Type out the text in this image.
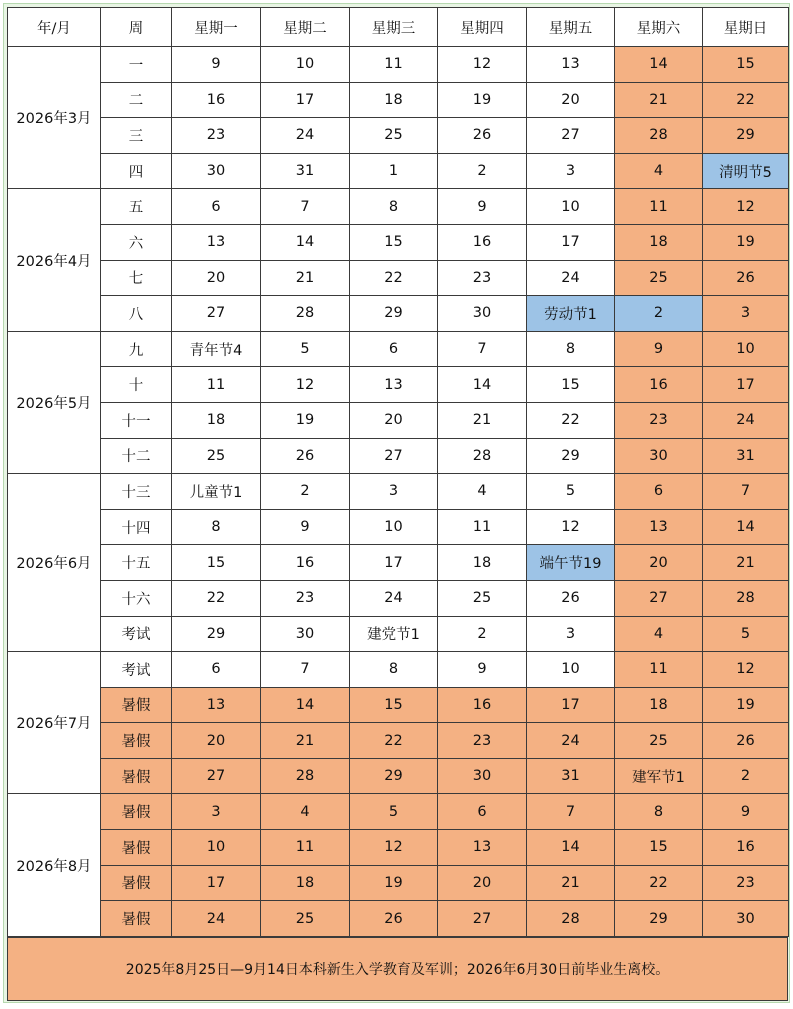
年/月	周	星期一	星期二	星期三	星期四	星期五	星期六	星期日
2026年3月	一	9	10	11	12	13	14	15
	二	16	17	18	19	20	21	22
	三	23	24	25	26	27	28	29
	四	30	31	1	2	3	4	清明节5
2026年4月	五	6	7	8	9	10	11	12
	六	13	14	15	16	17	18	19
	七	20	21	22	23	24	25	26
	八	27	28	29	30	劳动节1	2	3
2026年5月	九	青年节4	5	6	7	8	9	10
	十	11	12	13	14	15	16	17
	十一	18	19	20	21	22	23	24
	十二	25	26	27	28	29	30	31
2026年6月	十三	儿童节1	2	3	4	5	6	7
	十四	8	9	10	11	12	13	14
	十五	15	16	17	18	端午节19	20	21
	十六	22	23	24	25	26	27	28
	考试	29	30	建党节1	2	3	4	5
2026年7月	考试	6	7	8	9	10	11	12
	暑假	13	14	15	16	17	18	19
	暑假	20	21	22	23	24	25	26
	暑假	27	28	29	30	31	建军节1	2
2026年8月	暑假	3	4	5	6	7	8	9
	暑假	10	11	12	13	14	15	16
	暑假	17	18	19	20	21	22	23
	暑假	24	25	26	27	28	29	30
2025年8月25日—9月14日本科新生入学教育及军训；2026年6月30日前毕业生离校。
